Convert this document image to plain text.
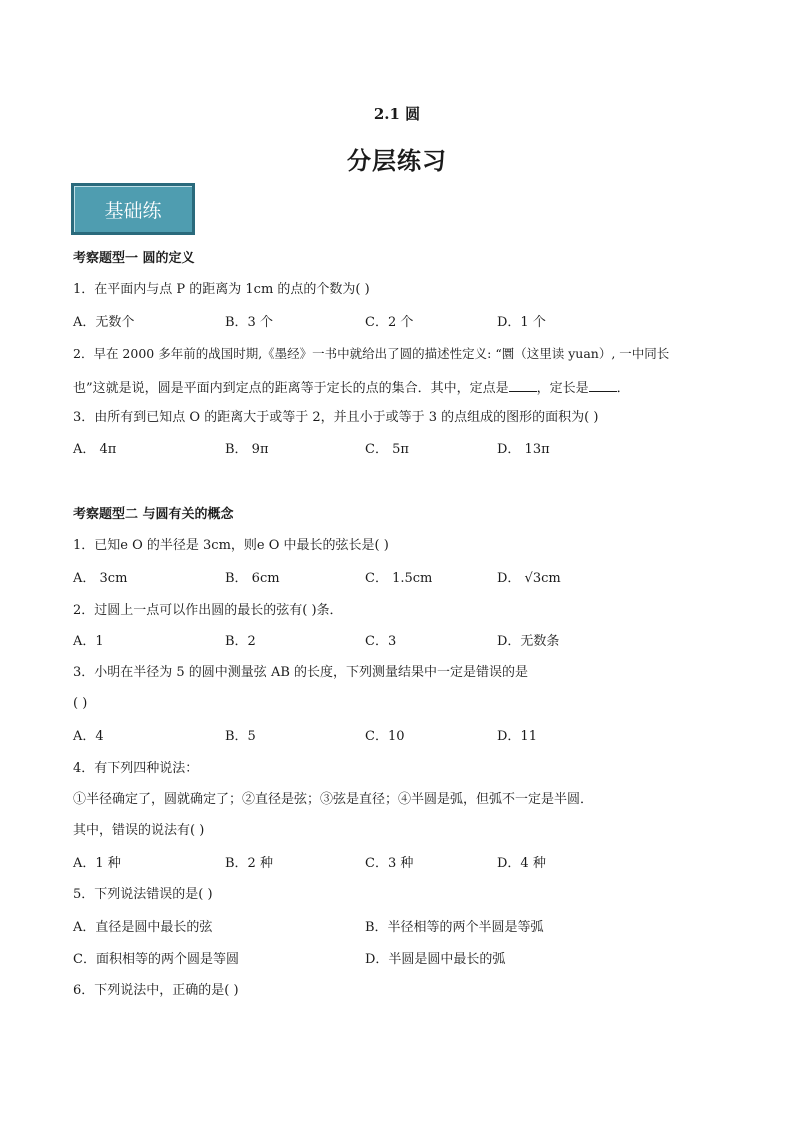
2.1 圆
分层练习
基础练
考察题型一 圆的定义
1．在平面内与点 P 的距离为 1cm 的点的个数为( )
A．无数个	B．3 个	C．2 个	D．1 个
2．早在 2000 多年前的战国时期,《墨经》一书中就给出了圆的描述性定义: “圜（这里读 yuan）, 一中同长
也”这就是说，圆是平面内到定点的距离等于定长的点的集合．其中，定点是 ，定长是 ．
3．由所有到已知点 O 的距离大于或等于 2，并且小于或等于 3 的点组成的图形的面积为( )
A． 4π	B． 9π	C． 5π	D． 13π
考察题型二 与圆有关的概念
1．已知e O 的半径是 3cm，则e O 中最长的弦长是( )
A． 3cm	B． 6cm	C． 1.5cm	D． √3cm
2．过圆上一点可以作出圆的最长的弦有( )条．
A．1	B．2	C．3	D．无数条
3．小明在半径为 5 的圆中测量弦 AB 的长度，下列测量结果中一定是错误的是
( )
A．4	B．5	C．10	D．11
4．有下列四种说法：
①半径确定了，圆就确定了；②直径是弦；③弦是直径；④半圆是弧，但弧不一定是半圆．
其中，错误的说法有( )
A．1 种	B．2 种	C．3 种	D．4 种
5．下列说法错误的是( )
A．直径是圆中最长的弦	B．半径相等的两个半圆是等弧
C．面积相等的两个圆是等圆	D．半圆是圆中最长的弧
6．下列说法中，正确的是( )
